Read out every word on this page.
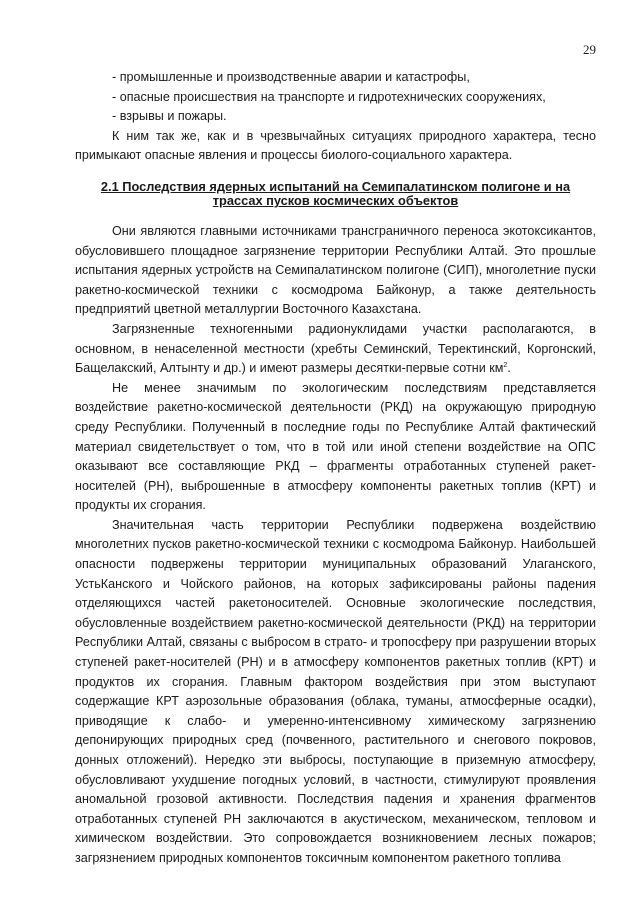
29
- промышленные и производственные аварии и катастрофы,
- опасные происшествия на транспорте и гидротехнических сооружениях,
- взрывы и пожары.

К ним так же, как и в чрезвычайных ситуациях природного характера, тесно примыкают опасные явления и процессы биолого-социального характера.

2.1 Последствия ядерных испытаний на Семипалатинском полигоне и на трассах пусков космических объектов

Они являются главными источниками трансграничного переноса экотоксикантов, обусловившего площадное загрязнение территории Республики Алтай. Это прошлые испытания ядерных устройств на Семипалатинском полигоне (СИП), многолетние пуски ракетно-космической техники с космодрома Байконур, а также деятельность предприятий цветной металлургии Восточного Казахстана.

Загрязненные техногенными радионуклидами участки располагаются, в основном, в ненаселенной местности (хребты Семинский, Теректинский, Коргонский, Бащелакский, Алтынту и др.) и имеют размеры десятки-первые сотни $км^2$.

Не менее значимым по экологическим последствиям представляется воздействие ракетно-космической деятельности (РКД) на окружающую природную среду Республики. Полученный в последние годы по Республике Алтай фактический материал свидетельствует о том, что в той или иной степени воздействие на ОПС оказывают все составляющие РКД – фрагменты отработанных ступеней ракет-носителей (РН), выброшенные в атмосферу компоненты ракетных топлив (КРТ) и продукты их сгорания.

Значительная часть территории Республики подвержена воздействию многолетних пусков ракетно-космической техники с космодрома Байконур. Наибольшей опасности подвержены территории муниципальных образований Улаганского, УстьКанского и Чойского районов, на которых зафиксированы районы падения отделяющихся частей ракетоносителей. Основные экологические последствия, обусловленные воздействием ракетно-космической деятельности (РКД) на территории Республики Алтай, связаны с выбросом в страто- и тропосферу при разрушении вторых ступеней ракет-носителей (РН) и в атмосферу компонентов ракетных топлив (КРТ) и продуктов их сгорания. Главным фактором воздействия при этом выступают содержащие КРТ аэрозольные образования (облака, туманы, атмосферные осадки), приводящие к слабо- и умеренно-интенсивному химическому загрязнению депонирующих природных сред (почвенного, растительного и снегового покровов, донных отложений). Нередко эти выбросы, поступающие в приземную атмосферу, обусловливают ухудшение погодных условий, в частности, стимулируют проявления аномальной грозовой активности. Последствия падения и хранения фрагментов отработанных ступеней РН заключаются в акустическом, механическом, тепловом и химическом воздействии. Это сопровождается возникновением лесных пожаров; загрязнением природных компонентов токсичным компонентом ракетного топлива
